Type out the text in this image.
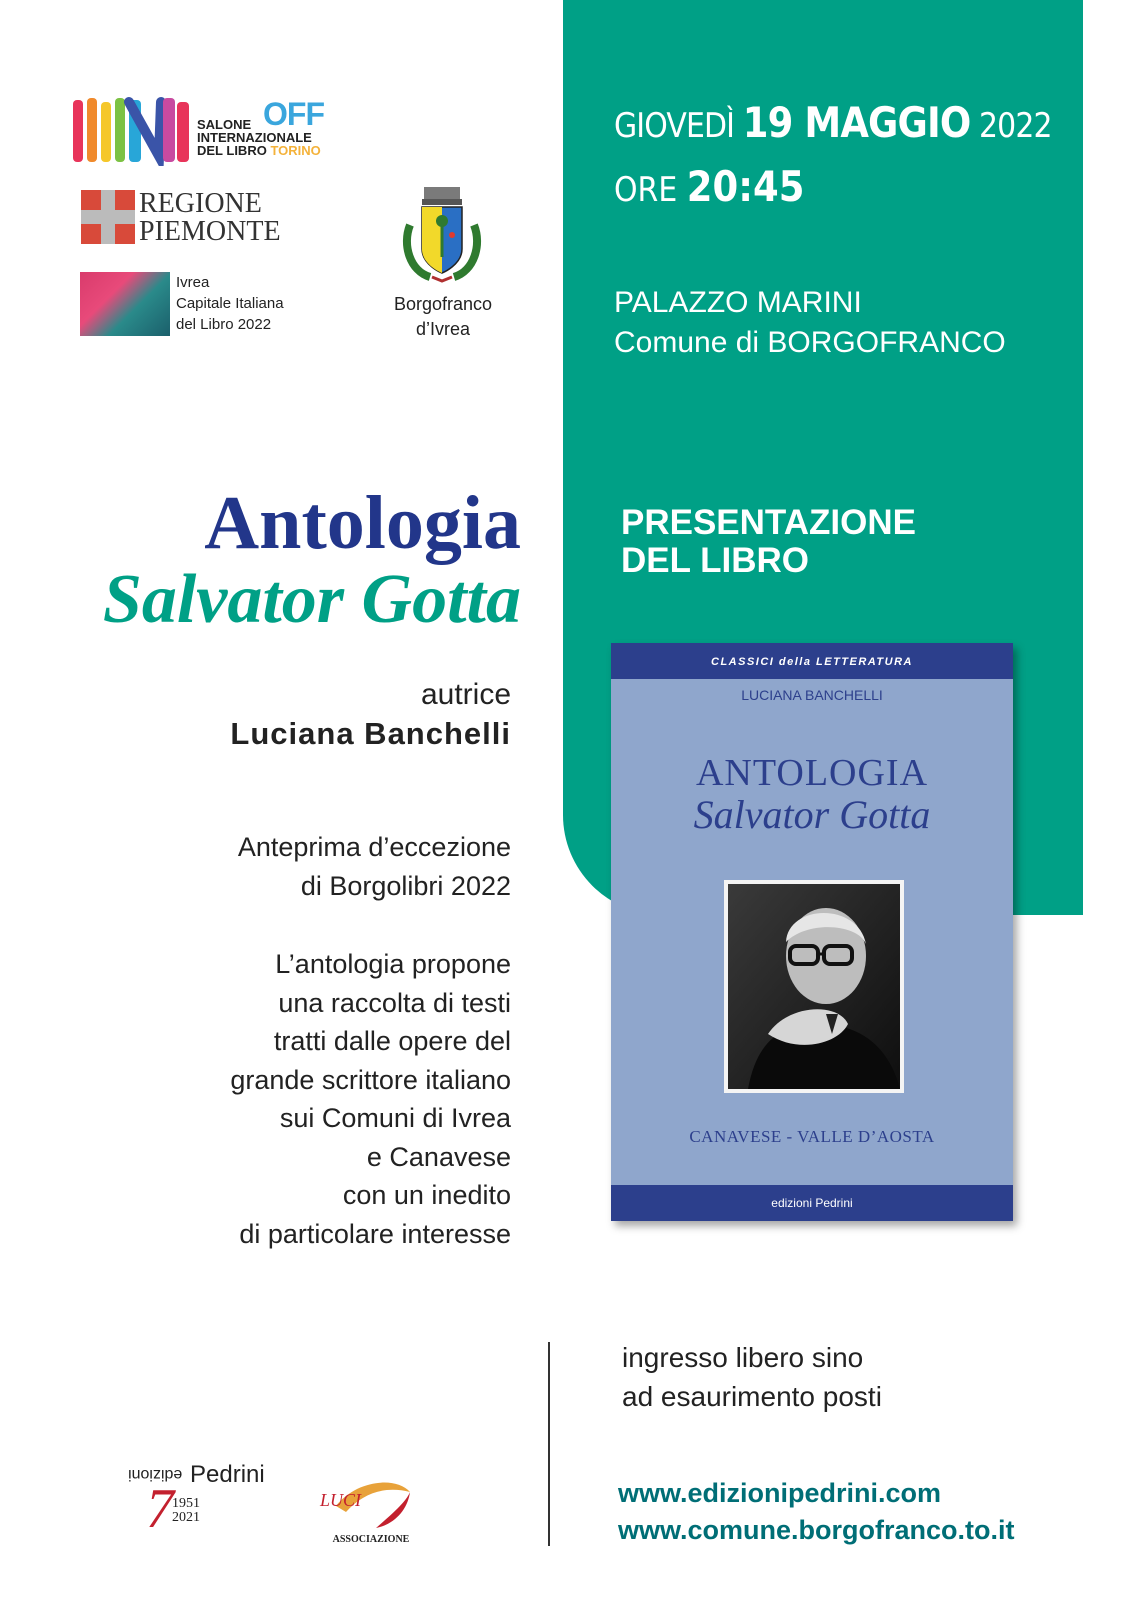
OFF
SALONE
INTERNAZIONALE
DEL LIBRO TORINO
REGIONE
PIEMONTE
Ivrea
Capitale Italiana
del Libro 2022
Borgofranco
d’Ivrea
GIOVEDÌ 19 MAGGIO 2022
ORE 20:45
PALAZZO MARINI
Comune di BORGOFRANCO
PRESENTAZIONE
DEL LIBRO
Antologia
Salvator Gotta
autrice
Luciana Banchelli
Anteprima d’eccezione
di Borgolibri 2022
L’antologia propone
una raccolta di testi
tratti dalle opere del
grande scrittore italiano
sui Comuni di Ivrea
e Canavese
con un inedito
di particolare interesse
CLASSICI della LETTERATURA
LUCIANA BANCHELLI
ANTOLOGIA
Salvator Gotta
CANAVESE - VALLE D’AOSTA
edizioni Pedrini
ingresso libero sino
ad esaurimento posti
www.edizionipedrini.com
www.comune.borgofranco.to.it
edizioni Pedrini
7
1951
2021
LUCI
ASSOCIAZIONE
